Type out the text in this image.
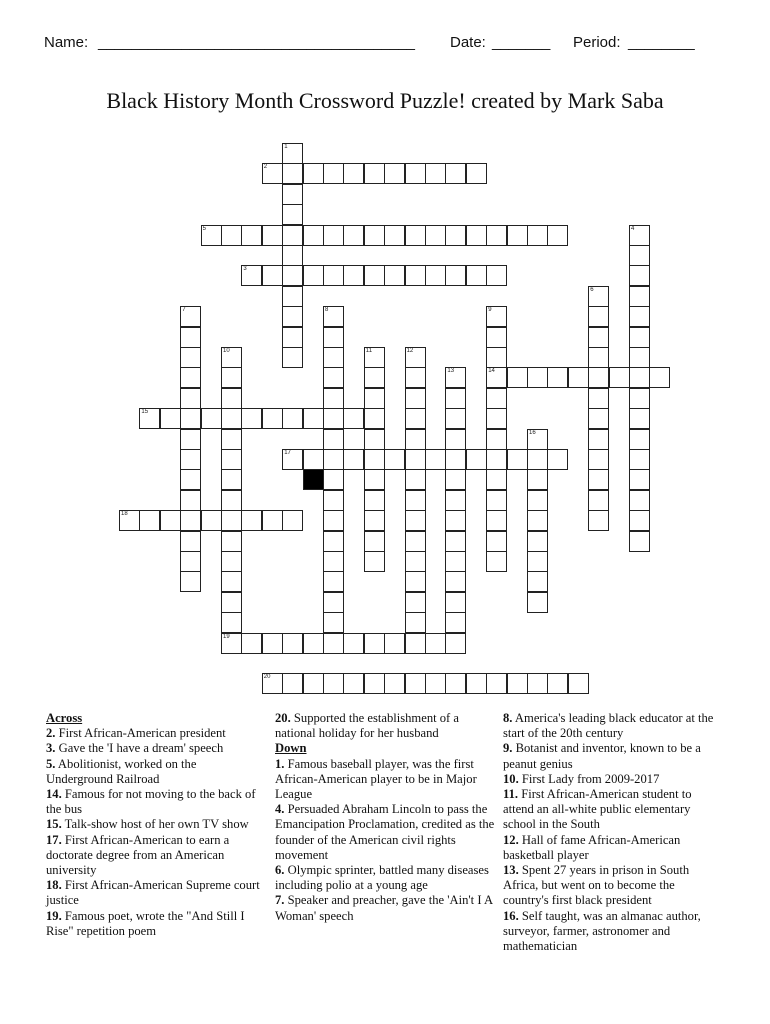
Name: ______________________________________ Date: _______ Period: ________
Black History Month Crossword Puzzle! created by Mark Saba
1
2
3
4
5
6
7	8	9
14
10	11	12
13
15
16
17
18
19
20

Across

2. First African-American president

3. Gave the 'I have a dream' speech

5. Abolitionist, worked on the Underground Railroad

14. Famous for not moving to the back of the bus

15. Talk-show host of her own TV show

17. First African-American to earn a doctorate degree from an American university

18. First African-American Supreme court justice

19. Famous poet, wrote the "And Still I Rise" repetition poem

20. Supported the establishment of a national holiday for her husband

Down

1. Famous baseball player, was the first African-American player to be in Major League

4. Persuaded Abraham Lincoln to pass the Emancipation Proclamation, credited as the founder of the American civil rights movement

6. Olympic sprinter, battled many diseases including polio at a young age

7. Speaker and preacher, gave the 'Ain't I A Woman' speech

8. America's leading black educator at the start of the 20th century

9. Botanist and inventor, known to be a peanut genius

10. First Lady from 2009-2017

11. First African-American student to attend an all-white public elementary school in the South

12. Hall of fame African-American basketball player

13. Spent 27 years in prison in South Africa, but went on to become the country's first black president

16. Self taught, was an almanac author, surveyor, farmer, astronomer and mathematician
